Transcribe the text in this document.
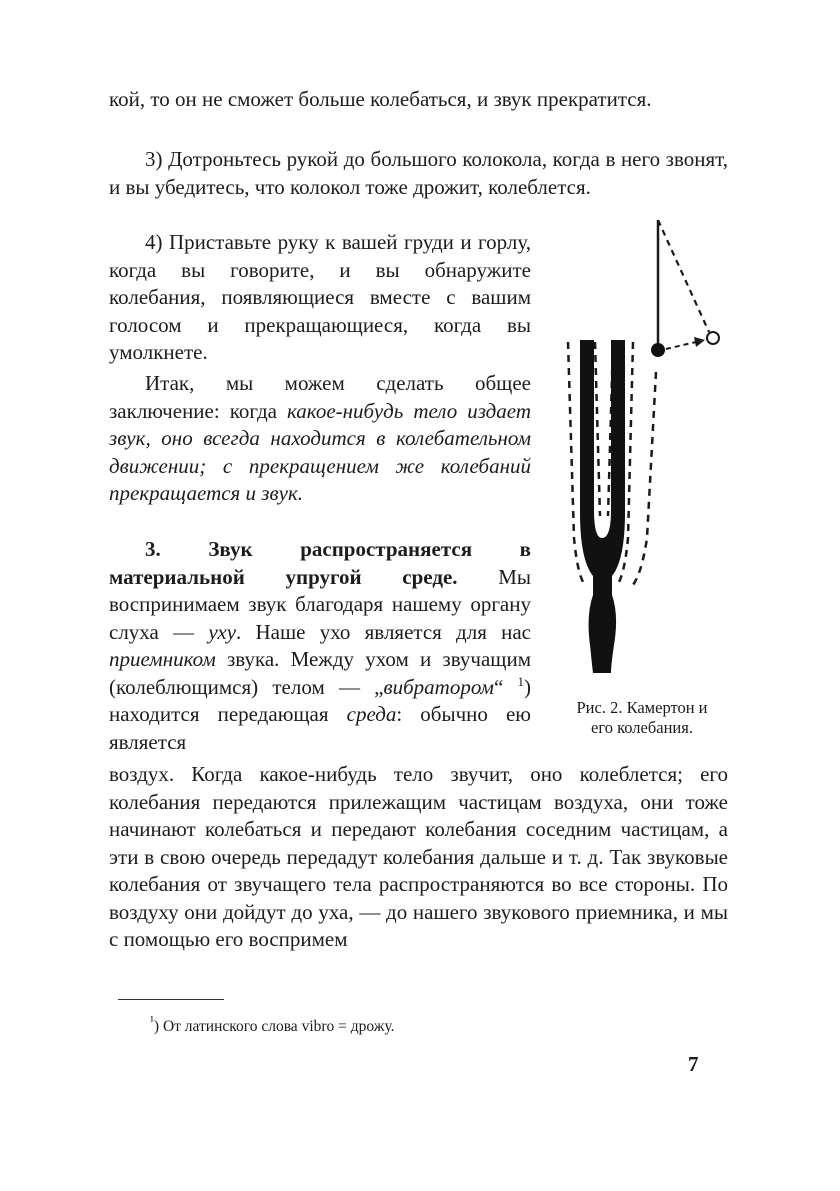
кой, то он не сможет больше колебаться, и звук прекратится.

3) Дотроньтесь рукой до большого колокола, когда в него звонят, и вы убедитесь, что колокол тоже дрожит, колеблется.

4) Приставьте руку к вашей груди и горлу, когда вы говорите, и вы обнаружите колебания, появляющиеся вместе с вашим голосом и прекращающиеся, когда вы умолкнете.

Итак, мы можем сделать общее заключение: когда какое-нибудь тело издает звук, оно всегда находится в колебательном движении; с прекращением же колебаний прекращается и звук.

3. Звук распространяется в материальной упругой среде. Мы воспринимаем звук благодаря нашему органу слуха — уху. Наше ухо является для нас приемником звука. Между ухом и звучащим (колеблющимся) телом — „вибратором“ $^1$) находится передающая среда: обычно ею является

воздух. Когда какое-нибудь тело звучит, оно колеблется; его колебания передаются прилежащим частицам воздуха, они тоже начинают колебаться и передают колебания соседним частицам, а эти в свою очередь передадут колебания дальше и т. д. Так звуковые колебания от звучащего тела распространяются во все стороны. По воздуху они дойдут до уха, — до нашего звукового приемника, и мы с помощью его воспримем

Рис. 2. Камертон и
его колебания.
$^{^1}$) От латинского слова vibro = дрожу.
7
